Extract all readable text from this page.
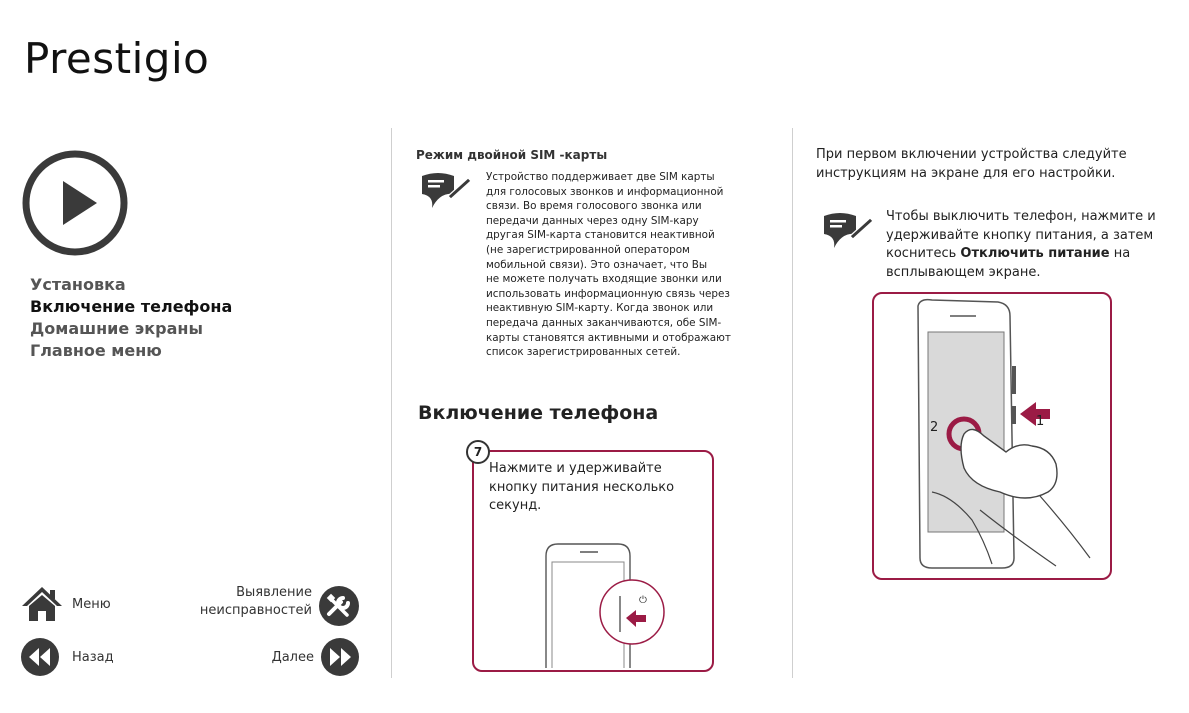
Prestigio
Установка
Включение телефона
Домашние экраны
Главное меню
Меню
Выявление
неисправностей
Назад	Далее
Режим двойной SIM -карты

Устройство поддерживает две SIM карты

для голосовых звонков и информационной

связи. Во время голосового звонка или

передачи данных через одну SIM-кару

другая SIM-карта становится неактивной

(не зарегистрированной оператором

мобильной связи). Это означает, что Вы

не можете получать входящие звонки или

использовать информационную связь через

неактивную SIM-карту. Когда звонок или

передача данных заканчиваются, обе SIM-

карты становятся активными и отображают

список зарегистрированных сетей.

Включение телефона
7

Нажмите и удерживайте

кнопку питания несколько

секунд.

⏻

При первом включении устройства следуйте

инструкциям на экране для его настройки.

Чтобы выключить телефон, нажмите и

удерживайте кнопку питания, а затем

коснитесь Отключить питание на

всплывающем экране.

1
2
